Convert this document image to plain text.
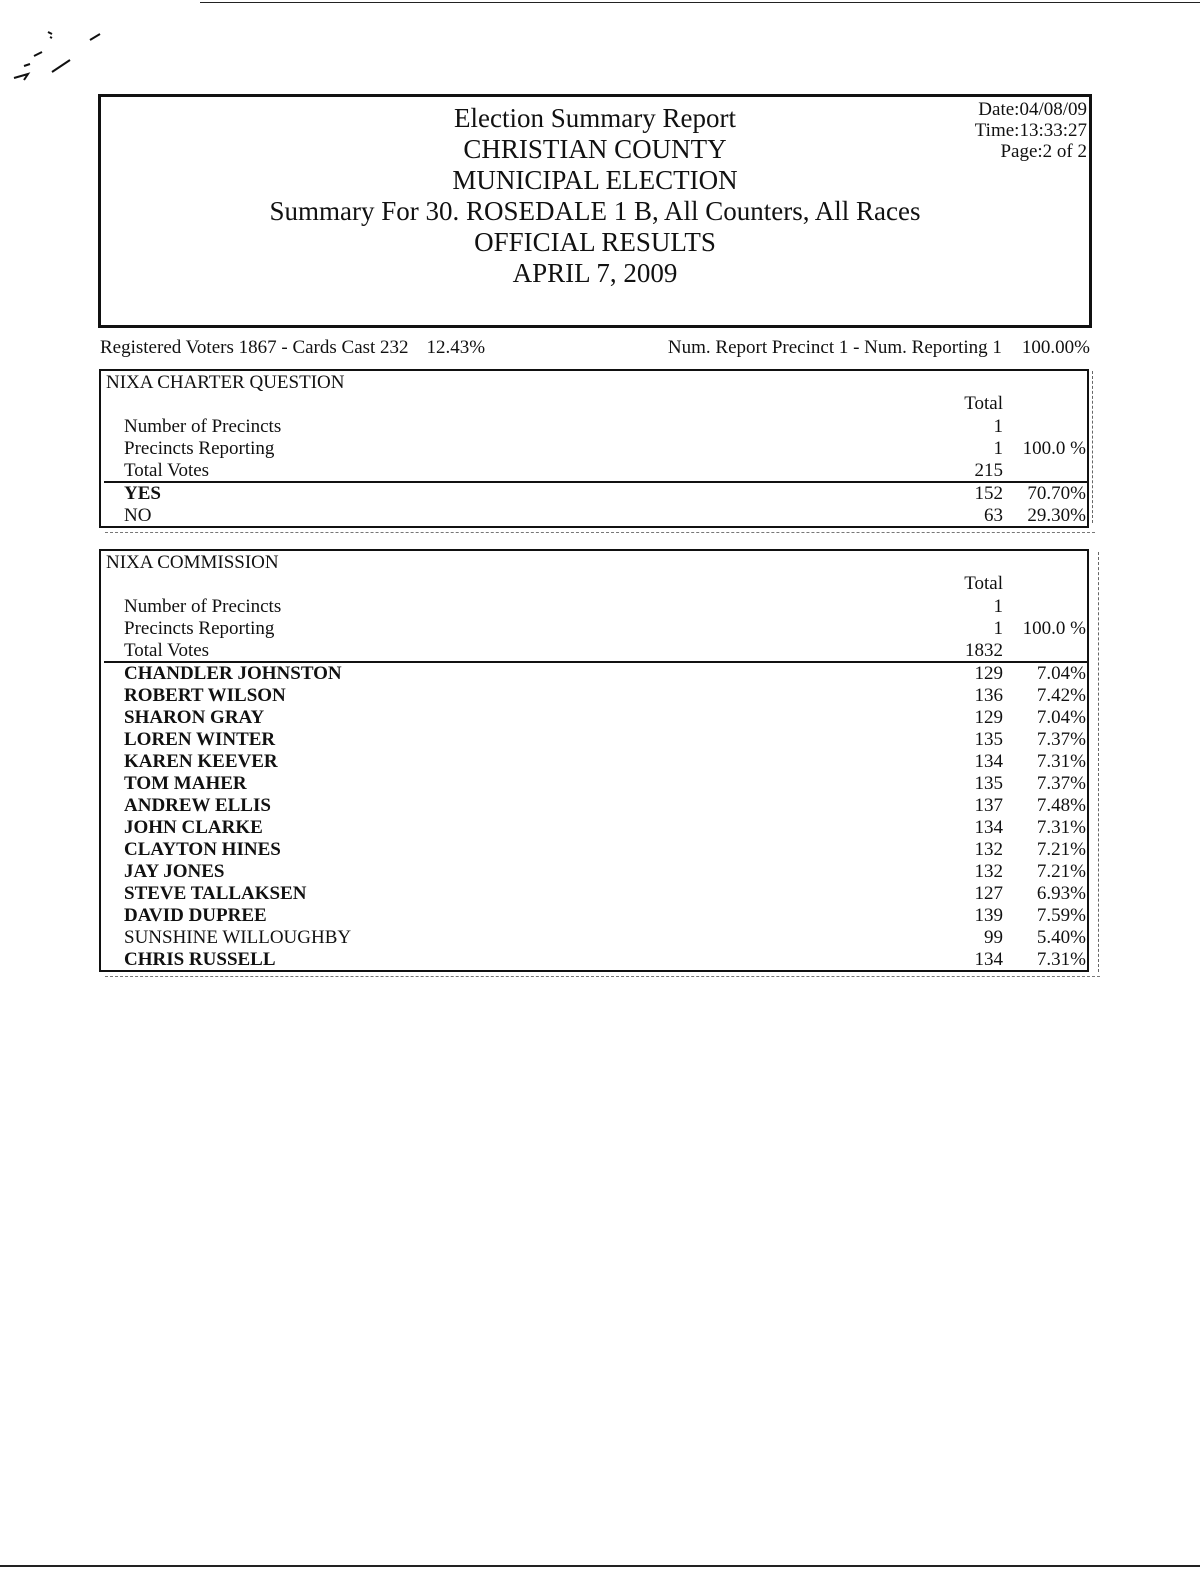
Election Summary Report
CHRISTIAN COUNTY
MUNICIPAL ELECTION
Summary For 30. ROSEDALE 1 B, All Counters, All Races
OFFICIAL RESULTS
APRIL 7, 2009
Date:04/08/09
Time:13:33:27
Page:2 of 2
Registered Voters 1867 - Cards Cast 232 12.43%	Num. Report Precinct 1 - Num. Reporting 1 100.00%
NIXA CHARTER QUESTION
Total
Number of Precincts	1
Precincts Reporting	1	100.0 %
Total Votes	215
YES	152	70.70%
NO	63	29.30%
NIXA COMMISSION
Total
Number of Precincts	1
Precincts Reporting	1	100.0 %
Total Votes	1832
CHANDLER JOHNSTON	129	7.04%
ROBERT WILSON	136	7.42%
SHARON GRAY	129	7.04%
LOREN WINTER	135	7.37%
KAREN KEEVER	134	7.31%
TOM MAHER	135	7.37%
ANDREW ELLIS	137	7.48%
JOHN CLARKE	134	7.31%
CLAYTON HINES	132	7.21%
JAY JONES	132	7.21%
STEVE TALLAKSEN	127	6.93%
DAVID DUPREE	139	7.59%
SUNSHINE WILLOUGHBY	99	5.40%
CHRIS RUSSELL	134	7.31%
